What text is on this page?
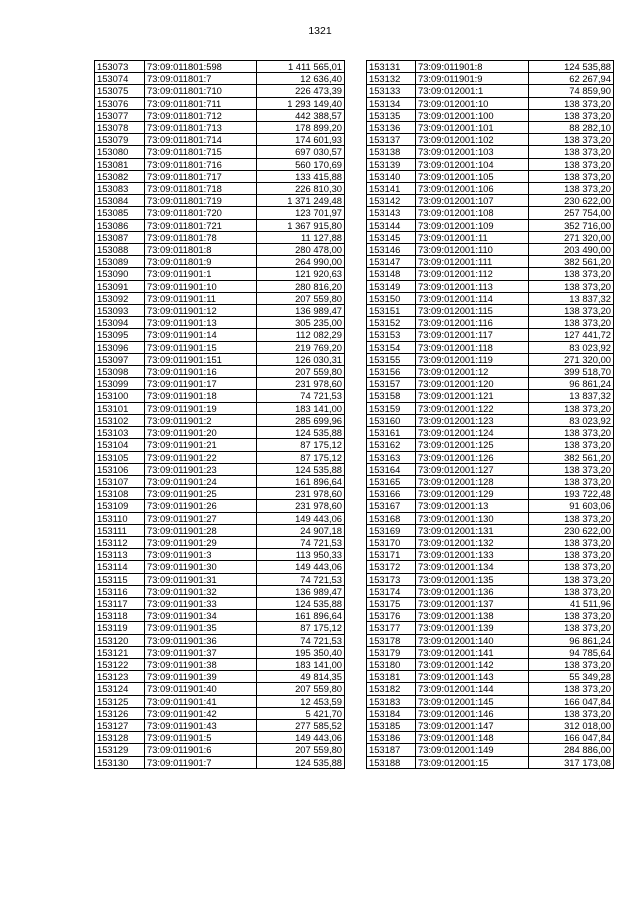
1321
153073	73:09:011801:598	1 411 565,01
153074	73:09:011801:7	12 636,40
153075	73:09:011801:710	226 473,39
153076	73:09:011801:711	1 293 149,40
153077	73:09:011801:712	442 388,57
153078	73:09:011801:713	178 899,20
153079	73:09:011801:714	174 601,93
153080	73:09:011801:715	697 030,57
153081	73:09:011801:716	560 170,69
153082	73:09:011801:717	133 415,88
153083	73:09:011801:718	226 810,30
153084	73:09:011801:719	1 371 249,48
153085	73:09:011801:720	123 701,97
153086	73:09:011801:721	1 367 915,80
153087	73:09:011801:78	11 127,88
153088	73:09:011801:8	280 478,00
153089	73:09:011801:9	264 990,00
153090	73:09:011901:1	121 920,63
153091	73:09:011901:10	280 816,20
153092	73:09:011901:11	207 559,80
153093	73:09:011901:12	136 989,47
153094	73:09:011901:13	305 235,00
153095	73:09:011901:14	112 082,29
153096	73:09:011901:15	219 769,20
153097	73:09:011901:151	126 030,31
153098	73:09:011901:16	207 559,80
153099	73:09:011901:17	231 978,60
153100	73:09:011901:18	74 721,53
153101	73:09:011901:19	183 141,00
153102	73:09:011901:2	285 699,96
153103	73:09:011901:20	124 535,88
153104	73:09:011901:21	87 175,12
153105	73:09:011901:22	87 175,12
153106	73:09:011901:23	124 535,88
153107	73:09:011901:24	161 896,64
153108	73:09:011901:25	231 978,60
153109	73:09:011901:26	231 978,60
153110	73:09:011901:27	149 443,06
153111	73:09:011901:28	24 907,18
153112	73:09:011901:29	74 721,53
153113	73:09:011901:3	113 950,33
153114	73:09:011901:30	149 443,06
153115	73:09:011901:31	74 721,53
153116	73:09:011901:32	136 989,47
153117	73:09:011901:33	124 535,88
153118	73:09:011901:34	161 896,64
153119	73:09:011901:35	87 175,12
153120	73:09:011901:36	74 721,53
153121	73:09:011901:37	195 350,40
153122	73:09:011901:38	183 141,00
153123	73:09:011901:39	49 814,35
153124	73:09:011901:40	207 559,80
153125	73:09:011901:41	12 453,59
153126	73:09:011901:42	5 421,70
153127	73:09:011901:43	277 585,52
153128	73:09:011901:5	149 443,06
153129	73:09:011901:6	207 559,80
153130	73:09:011901:7	124 535,88
153131	73:09:011901:8	124 535,88
153132	73:09:011901:9	62 267,94
153133	73:09:012001:1	74 859,90
153134	73:09:012001:10	138 373,20
153135	73:09:012001:100	138 373,20
153136	73:09:012001:101	88 282,10
153137	73:09:012001:102	138 373,20
153138	73:09:012001:103	138 373,20
153139	73:09:012001:104	138 373,20
153140	73:09:012001:105	138 373,20
153141	73:09:012001:106	138 373,20
153142	73:09:012001:107	230 622,00
153143	73:09:012001:108	257 754,00
153144	73:09:012001:109	352 716,00
153145	73:09:012001:11	271 320,00
153146	73:09:012001:110	203 490,00
153147	73:09:012001:111	382 561,20
153148	73:09:012001:112	138 373,20
153149	73:09:012001:113	138 373,20
153150	73:09:012001:114	13 837,32
153151	73:09:012001:115	138 373,20
153152	73:09:012001:116	138 373,20
153153	73:09:012001:117	127 441,72
153154	73:09:012001:118	83 023,92
153155	73:09:012001:119	271 320,00
153156	73:09:012001:12	399 518,70
153157	73:09:012001:120	96 861,24
153158	73:09:012001:121	13 837,32
153159	73:09:012001:122	138 373,20
153160	73:09:012001:123	83 023,92
153161	73:09:012001:124	138 373,20
153162	73:09:012001:125	138 373,20
153163	73:09:012001:126	382 561,20
153164	73:09:012001:127	138 373,20
153165	73:09:012001:128	138 373,20
153166	73:09:012001:129	193 722,48
153167	73:09:012001:13	91 603,06
153168	73:09:012001:130	138 373,20
153169	73:09:012001:131	230 622,00
153170	73:09:012001:132	138 373,20
153171	73:09:012001:133	138 373,20
153172	73:09:012001:134	138 373,20
153173	73:09:012001:135	138 373,20
153174	73:09:012001:136	138 373,20
153175	73:09:012001:137	41 511,96
153176	73:09:012001:138	138 373,20
153177	73:09:012001:139	138 373,20
153178	73:09:012001:140	96 861,24
153179	73:09:012001:141	94 785,64
153180	73:09:012001:142	138 373,20
153181	73:09:012001:143	55 349,28
153182	73:09:012001:144	138 373,20
153183	73:09:012001:145	166 047,84
153184	73:09:012001:146	138 373,20
153185	73:09:012001:147	312 018,00
153186	73:09:012001:148	166 047,84
153187	73:09:012001:149	284 886,00
153188	73:09:012001:15	317 173,08
